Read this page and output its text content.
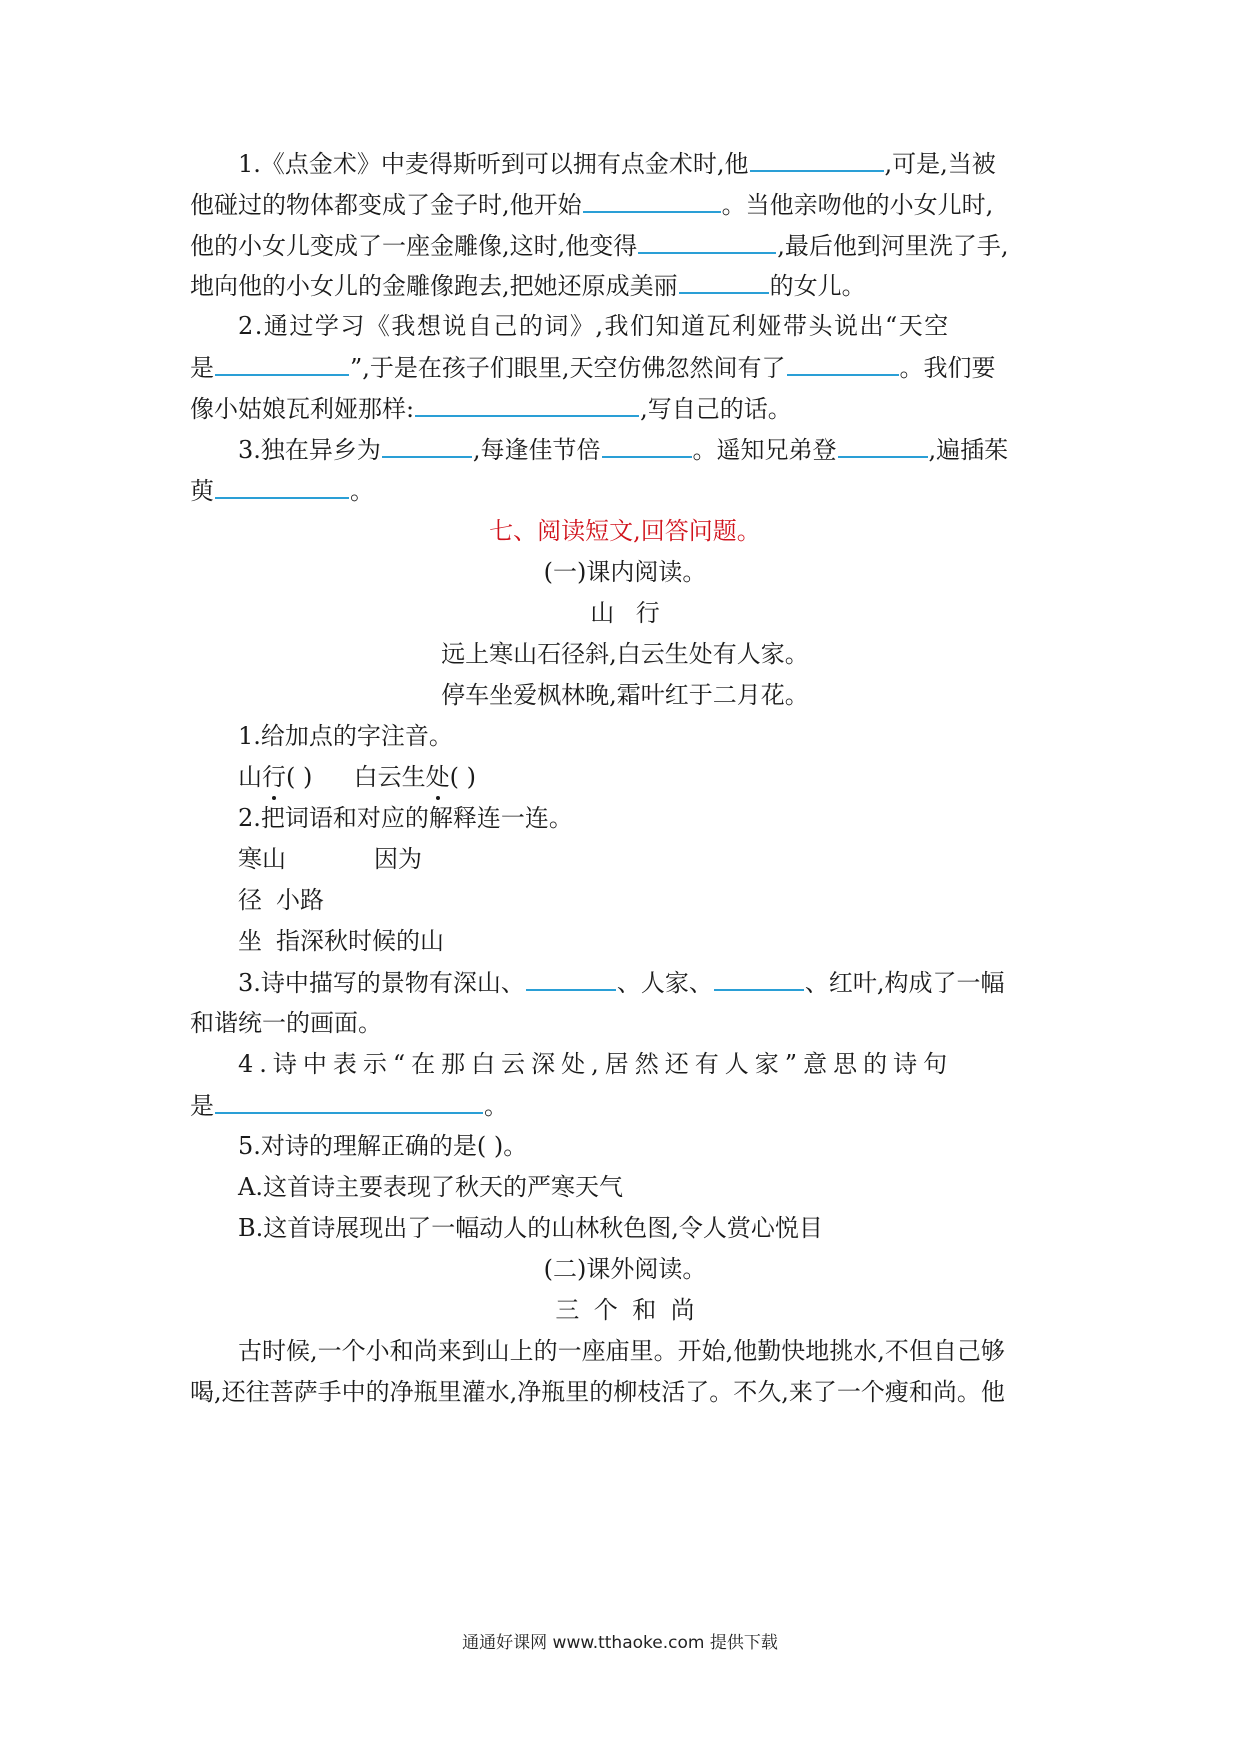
1.《点金术》中麦得斯听到可以拥有点金术时,他	,可是,当被
他碰过的物体都变成了金子时,他开始	。当他亲吻他的小女儿时,
他的小女儿变成了一座金雕像,这时,他变得	,最后他到河里洗了手,
地向他的小女儿的金雕像跑去,把她还原成美丽	的女儿。
2.通过学习《我想说自己的词》,我们知道瓦利娅带头说出“天空
是	”,于是在孩子们眼里,天空仿佛忽然间有了	。我们要
像小姑娘瓦利娅那样:	,写自己的话。
3.独在异乡为	,每逢佳节倍	。遥知兄弟登	,遍插茱
萸	。
七、阅读短文,回答问题。
(一)课内阅读。
山行
远上寒山石径斜,白云生处有人家。
停车坐爱枫林晚,霜叶红于二月花。
1.给加点的字注音。
山行( ) 白云生处( )
2.把词语和对应的解释连一连。
寒山	因为
径 小路
坐 指深秋时候的山
3.诗中描写的景物有深山、	、人家、	、红叶,构成了一幅
和谐统一的画面。
4.诗中表示“在那白云深处,居然还有人家”意思的诗句
是	。
5.对诗的理解正确的是( )。
A.这首诗主要表现了秋天的严寒天气
B.这首诗展现出了一幅动人的山林秋色图,令人赏心悦目
(二)课外阅读。
三个和尚
古时候,一个小和尚来到山上的一座庙里。开始,他勤快地挑水,不但自己够
喝,还往菩萨手中的净瓶里灌水,净瓶里的柳枝活了。不久,来了一个瘦和尚。他
通通好课网 www.tthaoke.com 提供下载
